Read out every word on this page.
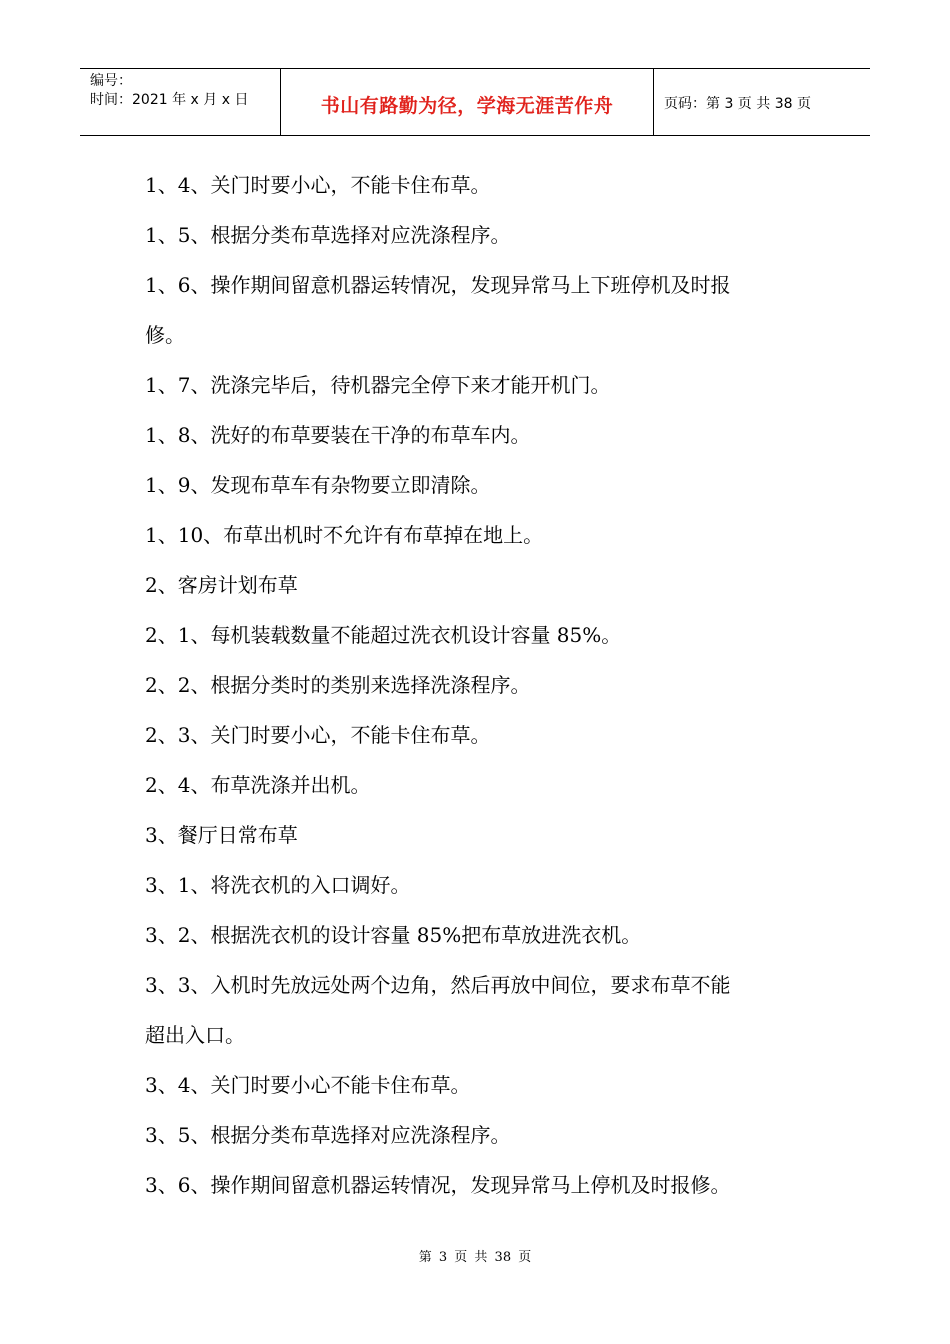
编号：
时间：2021 年 x 月 x 日	书山有路勤为径，学海无涯苦作舟	页码：第 3 页 共 38 页
1、4、关门时要小心，不能卡住布草。
1、5、根据分类布草选择对应洗涤程序。
1、6、操作期间留意机器运转情况，发现异常马上下班停机及时报
修。
1、7、洗涤完毕后，待机器完全停下来才能开机门。
1、8、洗好的布草要装在干净的布草车内。
1、9、发现布草车有杂物要立即清除。
1、10、布草出机时不允许有布草掉在地上。
2、客房计划布草
2、1、每机装载数量不能超过洗衣机设计容量 85%。
2、2、根据分类时的类别来选择洗涤程序。
2、3、关门时要小心，不能卡住布草。
2、4、布草洗涤并出机。
3、餐厅日常布草
3、1、将洗衣机的入口调好。
3、2、根据洗衣机的设计容量 85%把布草放进洗衣机。
3、3、入机时先放远处两个边角，然后再放中间位，要求布草不能
超出入口。
3、4、关门时要小心不能卡住布草。
3、5、根据分类布草选择对应洗涤程序。
3、6、操作期间留意机器运转情况，发现异常马上停机及时报修。
第 3 页 共 38 页
